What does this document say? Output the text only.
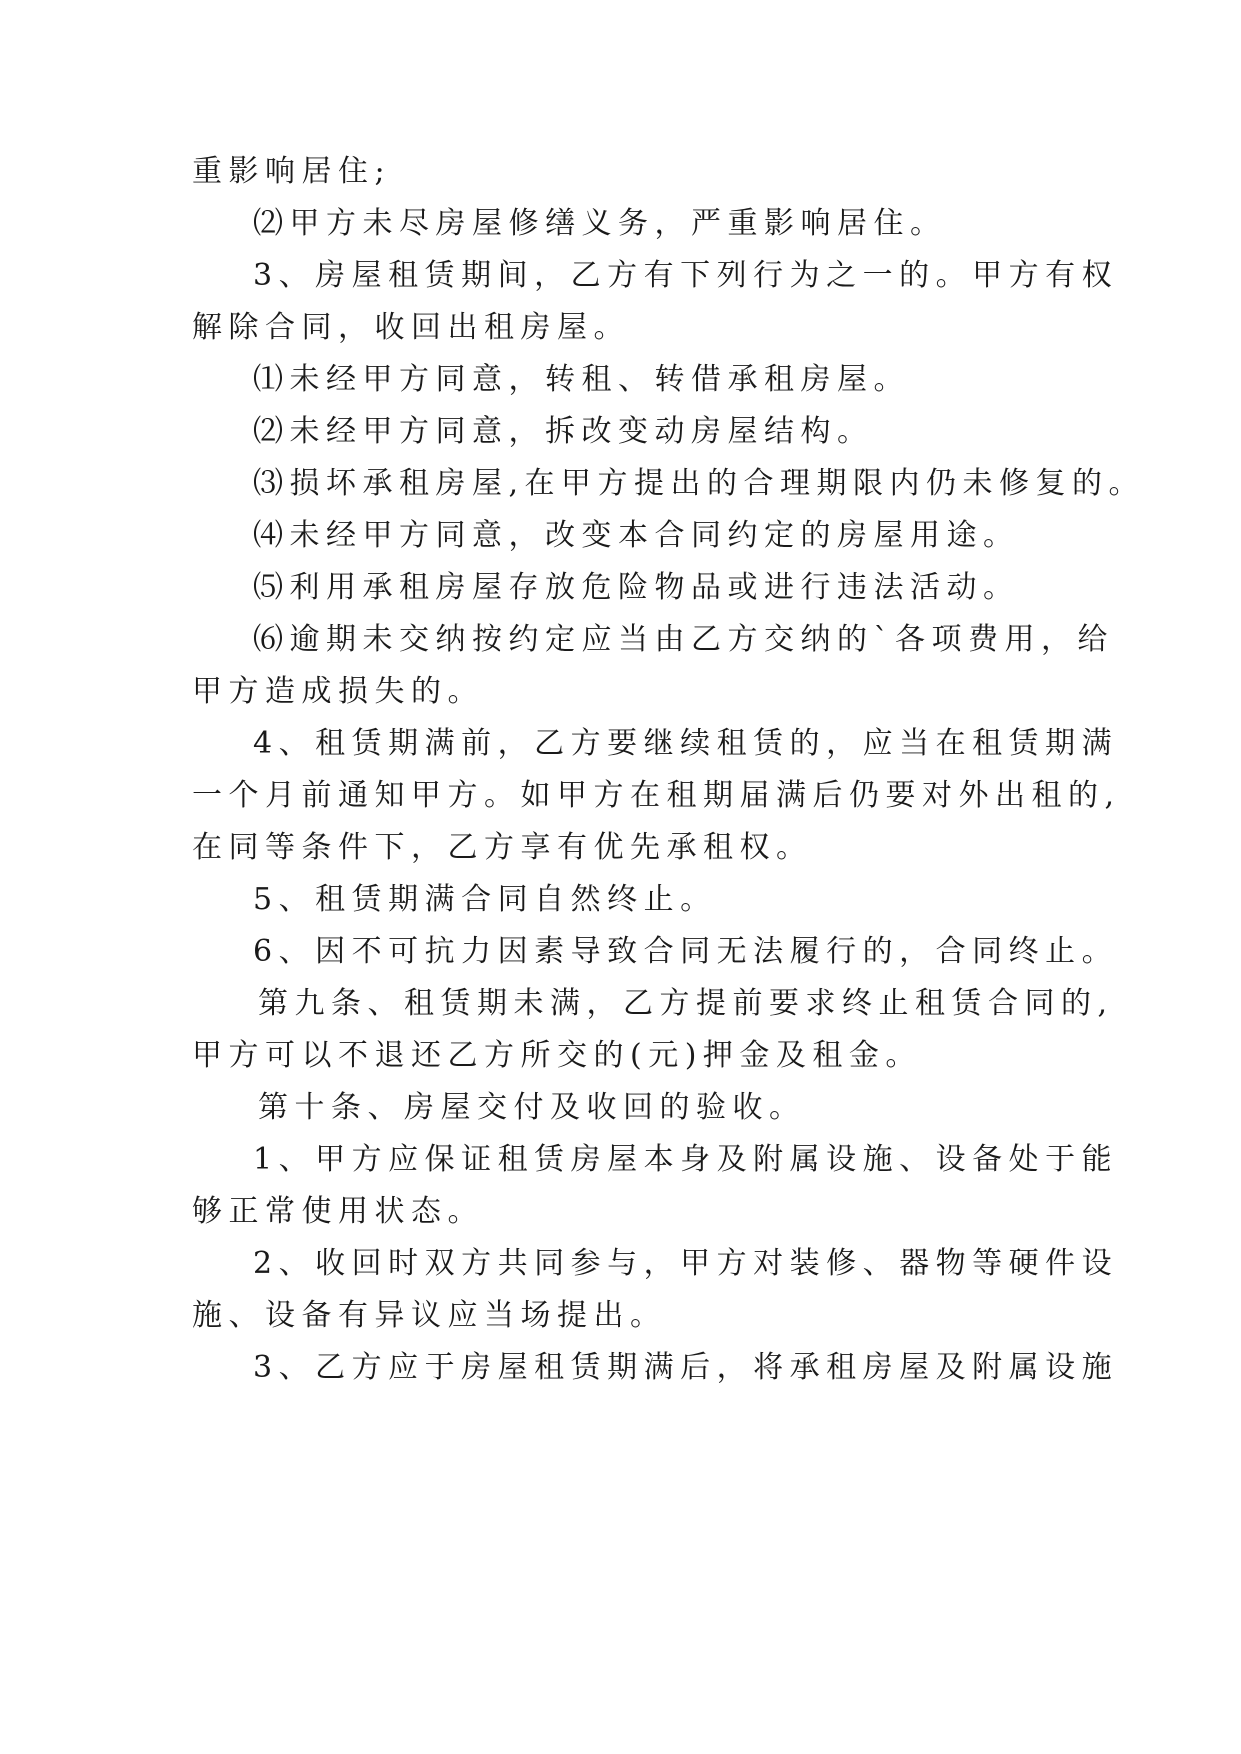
重影响居住;
⑵甲方未尽房屋修缮义务，严重影响居住。
3、房屋租赁期间，乙方有下列行为之一的。甲方有权
解除合同，收回出租房屋。
⑴未经甲方同意，转租、转借承租房屋。
⑵未经甲方同意，拆改变动房屋结构。
⑶损坏承租房屋,在甲方提出的合理期限内仍未修复的。
⑷未经甲方同意，改变本合同约定的房屋用途。
⑸利用承租房屋存放危险物品或进行违法活动。
⑹逾期未交纳按约定应当由乙方交纳的`各项费用，给
甲方造成损失的。
4、租赁期满前，乙方要继续租赁的，应当在租赁期满
一个月前通知甲方。如甲方在租期届满后仍要对外出租的,
在同等条件下，乙方享有优先承租权。
5、租赁期满合同自然终止。
6、因不可抗力因素导致合同无法履行的，合同终止。
第九条、租赁期未满，乙方提前要求终止租赁合同的,
甲方可以不退还乙方所交的(元)押金及租金。
第十条、房屋交付及收回的验收。
1、甲方应保证租赁房屋本身及附属设施、设备处于能
够正常使用状态。
2、收回时双方共同参与，甲方对装修、器物等硬件设
施、设备有异议应当场提出。
3、乙方应于房屋租赁期满后，将承租房屋及附属设施
